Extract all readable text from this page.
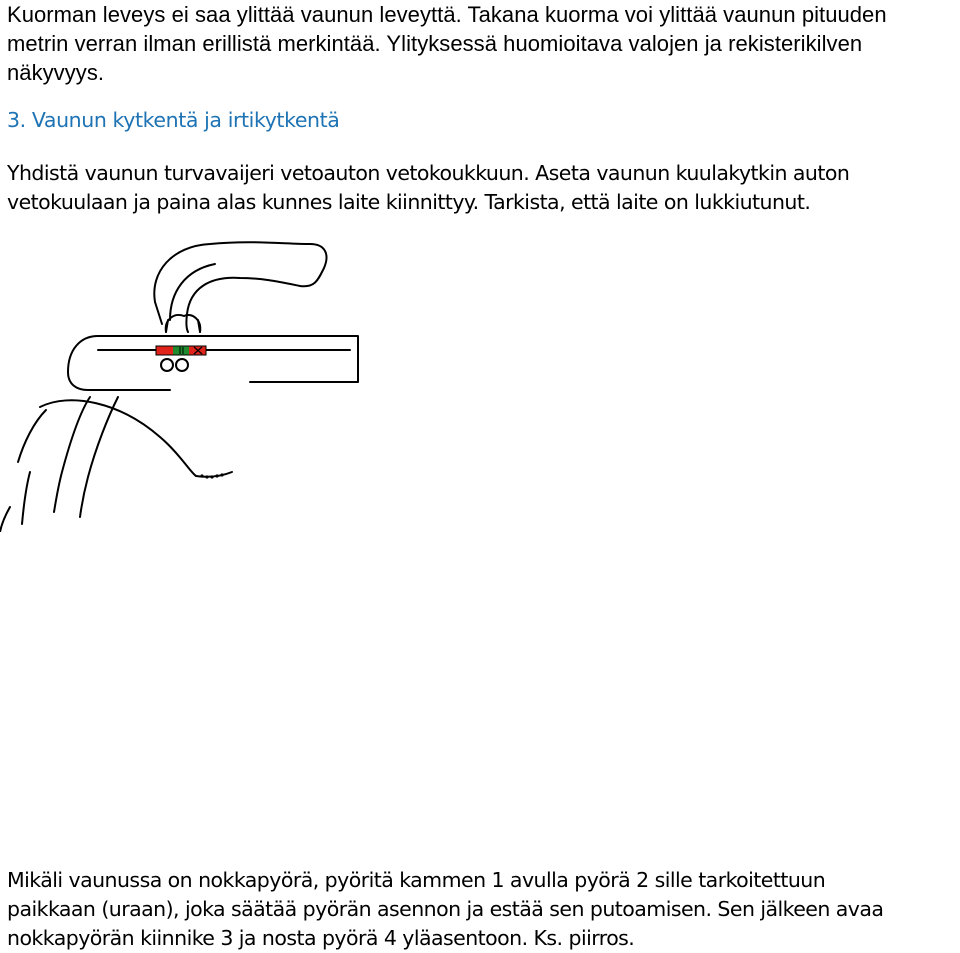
Kuorman leveys ei saa ylittää vaunun leveyttä. Takana kuorma voi ylittää vaunun pituuden
metrin verran ilman erillistä merkintää. Ylityksessä huomioitava valojen ja rekisterikilven
näkyvyys.
3. Vaunun kytkentä ja irtikytkentä
Yhdistä vaunun turvavaijeri vetoauton vetokoukkuun. Aseta vaunun kuulakytkin auton
vetokuulaan ja paina alas kunnes laite kiinnittyy. Tarkista, että laite on lukkiutunut.
Mikäli vaunussa on nokkapyörä, pyöritä kammen 1 avulla pyörä 2 sille tarkoitettuun
paikkaan (uraan), joka säätää pyörän asennon ja estää sen putoamisen. Sen jälkeen avaa
nokkapyörän kiinnike 3 ja nosta pyörä 4 yläasentoon. Ks. piirros.
